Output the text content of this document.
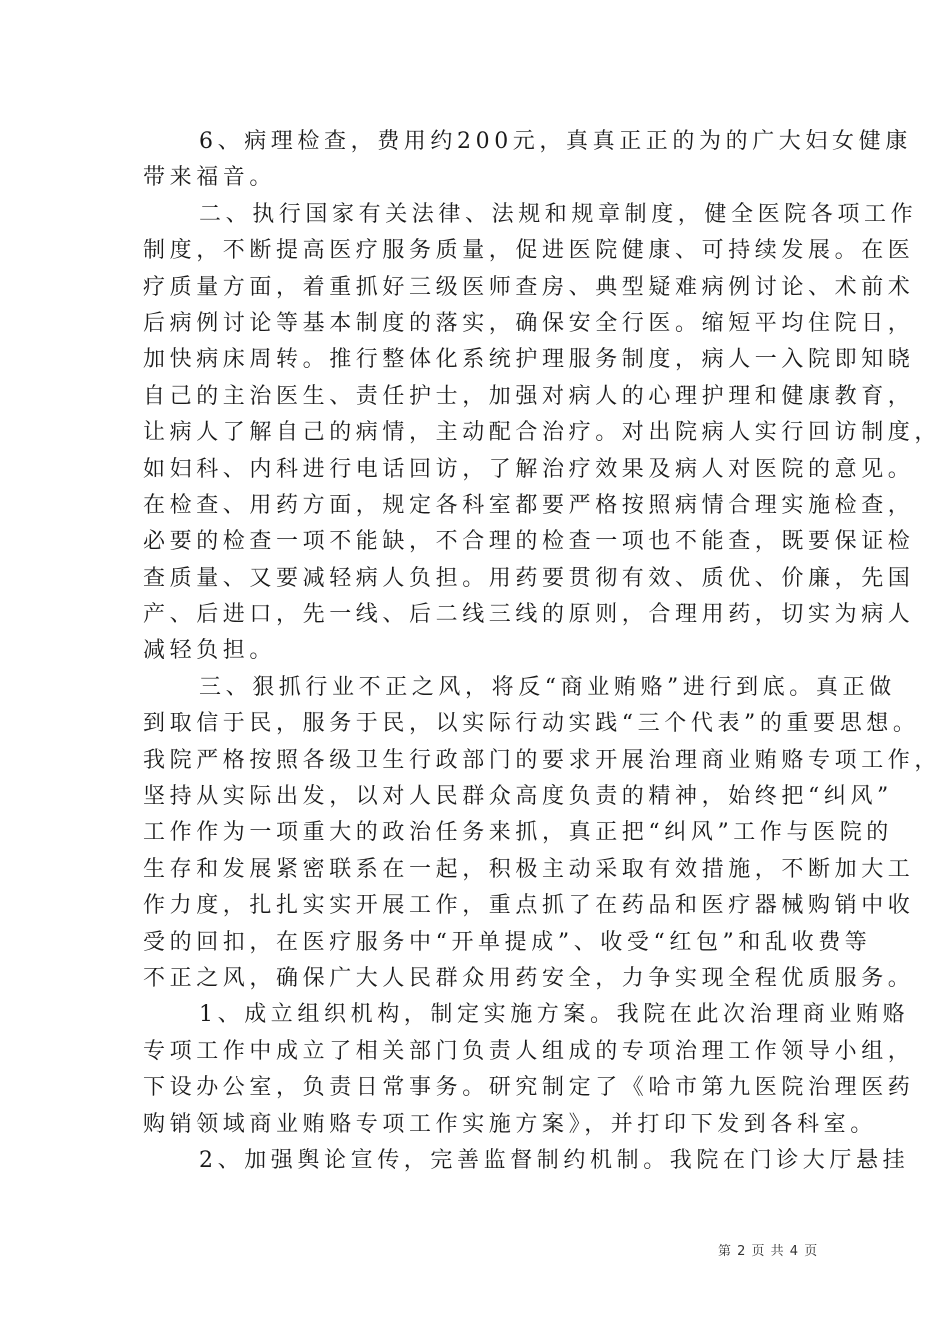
6、病理检查，费用约200元，真真正正的为的广大妇女健康
带来福音。
二、执行国家有关法律、法规和规章制度，健全医院各项工作
制度，不断提高医疗服务质量，促进医院健康、可持续发展。在医
疗质量方面，着重抓好三级医师查房、典型疑难病例讨论、术前术
后病例讨论等基本制度的落实，确保安全行医。缩短平均住院日，
加快病床周转。推行整体化系统护理服务制度，病人一入院即知晓
自己的主治医生、责任护士，加强对病人的心理护理和健康教育，
让病人了解自己的病情，主动配合治疗。对出院病人实行回访制度，
如妇科、内科进行电话回访，了解治疗效果及病人对医院的意见。
在检查、用药方面，规定各科室都要严格按照病情合理实施检查，
必要的检查一项不能缺，不合理的检查一项也不能查，既要保证检
查质量、又要减轻病人负担。用药要贯彻有效、质优、价廉，先国
产、后进口，先一线、后二线三线的原则，合理用药，切实为病人
减轻负担。
三、狠抓行业不正之风，将反“商业贿赂”进行到底。真正做
到取信于民，服务于民，以实际行动实践“三个代表”的重要思想。
我院严格按照各级卫生行政部门的要求开展治理商业贿赂专项工作，
坚持从实际出发，以对人民群众高度负责的精神，始终把“纠风”
工作作为一项重大的政治任务来抓，真正把“纠风”工作与医院的
生存和发展紧密联系在一起，积极主动采取有效措施，不断加大工
作力度，扎扎实实开展工作，重点抓了在药品和医疗器械购销中收
受的回扣，在医疗服务中“开单提成”、收受“红包”和乱收费等
不正之风，确保广大人民群众用药安全，力争实现全程优质服务。
1、成立组织机构，制定实施方案。我院在此次治理商业贿赂
专项工作中成立了相关部门负责人组成的专项治理工作领导小组，
下设办公室，负责日常事务。研究制定了《哈市第九医院治理医药
购销领域商业贿赂专项工作实施方案》，并打印下发到各科室。
2、加强舆论宣传，完善监督制约机制。我院在门诊大厅悬挂
第 2 页 共 4 页
